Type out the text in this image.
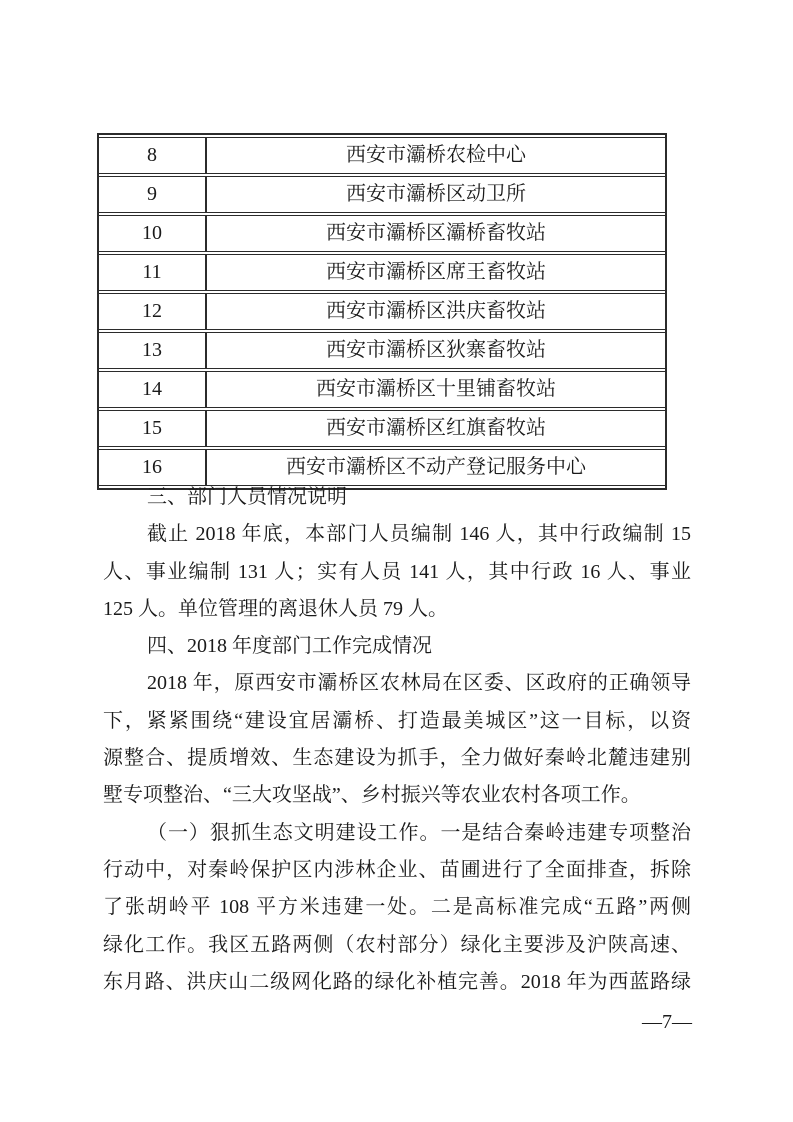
8	西安市灞桥农检中心
9	西安市灞桥区动卫所
10	西安市灞桥区灞桥畜牧站
11	西安市灞桥区席王畜牧站
12	西安市灞桥区洪庆畜牧站
13	西安市灞桥区狄寨畜牧站
14	西安市灞桥区十里铺畜牧站
15	西安市灞桥区红旗畜牧站
16	西安市灞桥区不动产登记服务中心
三、部门人员情况说明
截止 2018 年底，本部门人员编制 146 人，其中行政编制 15
人、事业编制 131 人；实有人员 141 人，其中行政 16 人、事业
125 人。单位管理的离退休人员 79 人。
四、2018 年度部门工作完成情况
2018 年，原西安市灞桥区农林局在区委、区政府的正确领导
下，紧紧围绕“建设宜居灞桥、打造最美城区”这一目标，以资
源整合、提质增效、生态建设为抓手，全力做好秦岭北麓违建别
墅专项整治、“三大攻坚战”、乡村振兴等农业农村各项工作。
（一）狠抓生态文明建设工作。一是结合秦岭违建专项整治
行动中，对秦岭保护区内涉林企业、苗圃进行了全面排查，拆除
了张胡岭平 108 平方米违建一处。二是高标准完成“五路”两侧
绿化工作。我区五路两侧（农村部分）绿化主要涉及沪陕高速、
东月路、洪庆山二级网化路的绿化补植完善。2018 年为西蓝路绿
—7—
